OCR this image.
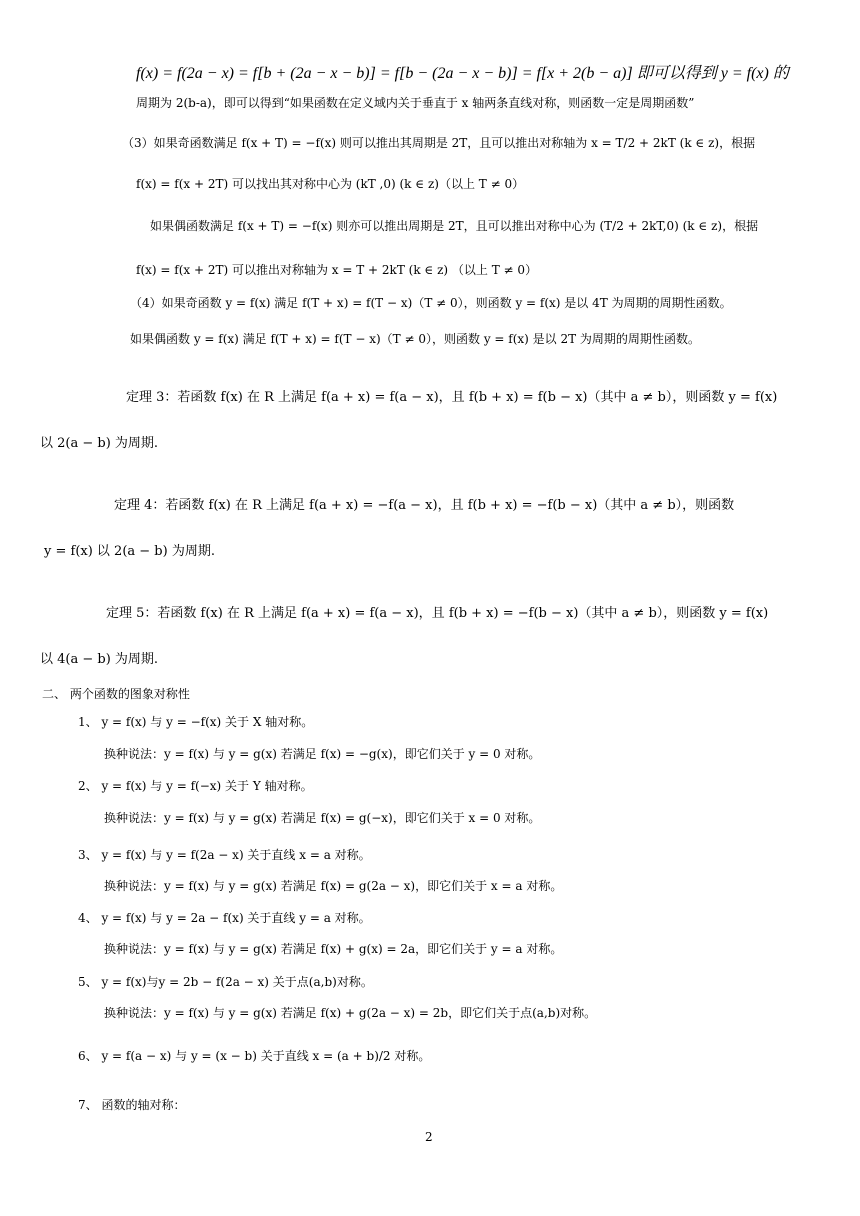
f(x) = f(2a − x) = f[b + (2a − x − b)] = f[b − (2a − x − b)] = f[x + 2(b − a)] 即可以得到 y = f(x) 的
周期为 2(b-a)，即可以得到“如果函数在定义域内关于垂直于 x 轴两条直线对称，则函数一定是周期函数”
（3）如果奇函数满足 f(x + T) = −f(x) 则可以推出其周期是 2T，且可以推出对称轴为 x = T/2 + 2kT (k ∈ z)，根据
f(x) = f(x + 2T) 可以找出其对称中心为 (kT ,0) (k ∈ z)（以上 T ≠ 0）
如果偶函数满足 f(x + T) = −f(x) 则亦可以推出周期是 2T，且可以推出对称中心为 (T/2 + 2kT,0) (k ∈ z)，根据
f(x) = f(x + 2T) 可以推出对称轴为 x = T + 2kT (k ∈ z) （以上 T ≠ 0）
（4）如果奇函数 y = f(x) 满足 f(T + x) = f(T − x)（T ≠ 0），则函数 y = f(x) 是以 4T 为周期的周期性函数。
如果偶函数 y = f(x) 满足 f(T + x) = f(T − x)（T ≠ 0），则函数 y = f(x) 是以 2T 为周期的周期性函数。
定理 3：若函数 f(x) 在 R 上满足 f(a + x) = f(a − x)，且 f(b + x) = f(b − x)（其中 a ≠ b），则函数 y = f(x)
以 2(a − b) 为周期.
定理 4：若函数 f(x) 在 R 上满足 f(a + x) = −f(a − x)，且 f(b + x) = −f(b − x)（其中 a ≠ b），则函数
y = f(x) 以 2(a − b) 为周期.
定理 5：若函数 f(x) 在 R 上满足 f(a + x) = f(a − x)，且 f(b + x) = −f(b − x)（其中 a ≠ b），则函数 y = f(x)
以 4(a − b) 为周期.
二、 两个函数的图象对称性
1、 y = f(x) 与 y = −f(x) 关于 X 轴对称。
换种说法：y = f(x) 与 y = g(x) 若满足 f(x) = −g(x)，即它们关于 y = 0 对称。
2、 y = f(x) 与 y = f(−x) 关于 Y 轴对称。
换种说法：y = f(x) 与 y = g(x) 若满足 f(x) = g(−x)，即它们关于 x = 0 对称。
3、 y = f(x) 与 y = f(2a − x) 关于直线 x = a 对称。
换种说法：y = f(x) 与 y = g(x) 若满足 f(x) = g(2a − x)，即它们关于 x = a 对称。
4、 y = f(x) 与 y = 2a − f(x) 关于直线 y = a 对称。
换种说法：y = f(x) 与 y = g(x) 若满足 f(x) + g(x) = 2a，即它们关于 y = a 对称。
5、 y = f(x)与y = 2b − f(2a − x) 关于点(a,b)对称。
换种说法：y = f(x) 与 y = g(x) 若满足 f(x) + g(2a − x) = 2b，即它们关于点(a,b)对称。
6、 y = f(a − x) 与 y = (x − b) 关于直线 x = (a + b)/2 对称。
7、 函数的轴对称：
2
